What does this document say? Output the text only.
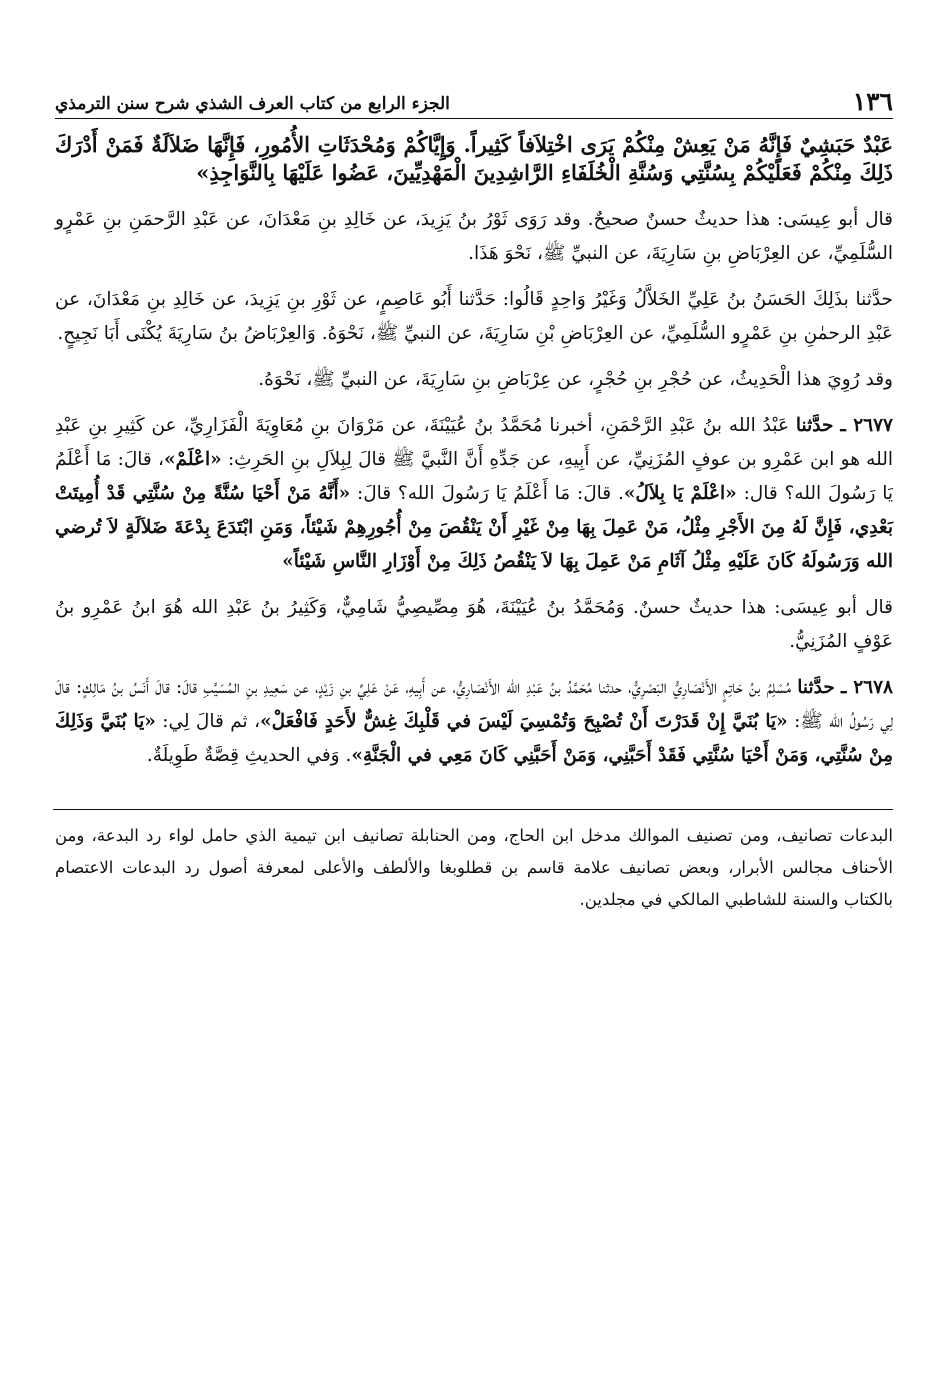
١٣٦
الجزء الرابع من كتاب العرف الشذي شرح سنن الترمذي
عَبْدٌ حَبَشِيٌ فَإِنَّهُ مَنْ يَعِشْ مِنْكُمْ يَرَى اخْتِلاَفاً كَثِيراً. وَإِيَّاكُمْ وَمُحْدَثَاتِ الأُمُورِ، فَإِنَّهَا ضَلاَلَةٌ فَمَنْ أَدْرَكَ ذَلِكَ مِنْكُمْ فَعَلَيْكُمْ بِسُنَّتِي وَسُنَّةِ الْخُلَفَاءِ الرَّاشِدِينَ الْمَهْدِيِّينَ، عَضُوا عَلَيْهَا بِالنَّوَاجِذِ»
قال أبو عِيسَى: هذا حديثٌ حسنٌ صحيحٌ. وقد رَوَى ثَوْرُ بنُ يَزِيدَ، عن خَالِدِ بنِ مَعْدَانَ، عن عَبْدِ الرَّحمَنِ بنِ عَمْرٍو السُّلَمِيِّ، عن العِرْبَاضِ بنِ سَارِيَةَ، عن النبيِّ ﷺ، نَحْوَ هَذَا.
حدَّثنا بذَلِكَ الحَسَنُ بنُ عَلِيِّ الخَلاَّلُ وَغَيْرُ وَاحِدٍ قَالُوا: حَدَّثنا أَبُو عَاصِمٍ، عن ثَوْرِ بنِ يَزِيدَ، عن خَالِدِ بنِ مَعْدَانَ، عن عَبْدِ الرحمٰنِ بنِ عَمْرٍو السُّلَمِيِّ، عن العِرْبَاضِ بْنِ سَارِيَةَ، عن النبيِّ ﷺ، نَحْوَهُ. وَالعِرْبَاضُ بنُ سَارِيَةَ يُكْنَى أَبَا نَجِيحٍ.
وقد رُوِيَ هذا الْحَدِيثُ، عن حُجْرِ بنِ حُجْرٍ، عن عِرْبَاضِ بنِ سَارِيَةَ، عن النبيِّ ﷺ، نَحْوَهُ.
٢٦٧٧ ـ حدَّثنا عَبْدُ الله بنُ عَبْدِ الرَّحْمَنِ، أخبرنا مُحَمَّدُ بنُ عُيَيْنَةَ، عن مَرْوَانَ بنِ مُعَاوِيَةَ الْفَزَارِيِّ، عن كَثِيرِ بنِ عَبْدِ الله هو ابن عَمْرِو بن عوفٍ المُزَنِيِّ، عن أَبِيهِ، عن جَدِّهِ أَنَّ النَّبيَّ ﷺ قالَ لِبِلاَلِ بنِ الحَرِثِ: «اعْلَمْ»، قالَ: مَا أَعْلَمُ يَا رَسُولَ الله؟ قال: «اعْلَمْ يَا بِلاَلُ». قالَ: مَا أَعْلَمُ يَا رَسُولَ الله؟ قالَ: «أَنَّهُ مَنْ أَحْيَا سُنَّةً مِنْ سُنَّتِي قَدْ أُمِيتَتْ بَعْدِي، فَإِنَّ لَهُ مِنَ الأَجْرِ مِثْلُ، مَنْ عَمِلَ بِهَا مِنْ غَيْرِ أَنْ يَنْقُصَ مِنْ أُجُورِهِمْ شَيْئاً، وَمَنِ ابْتَدَعَ بِدْعَةَ ضَلاَلَةٍ لاَ تُرضي الله وَرَسُولَهُ كَانَ عَلَيْهِ مِثْلُ آثَامِ مَنْ عَمِلَ بِهَا لاَ يَنْقُصُ ذَلِكَ مِنْ أَوْزَارِ النَّاسِ شَيْئاً»
قال أبو عِيسَى: هذا حديثٌ حسنٌ. وَمُحَمَّدُ بنُ عُيَيْنَةَ، هُوَ مِصِّيصِيُّ شَامِيٌّ، وَكَثِيرُ بنُ عَبْدِ الله هُوَ ابنُ عَمْرِو بنُ عَوْفٍ المُزَنِيُّ.
٢٦٧٨ ـ حدَّثنا مُسْلِمُ بنُ حَاتِمٍ الأَنْصَارِيُّ البَصْرِيُّ، حدثنا مُحَمَّدُ بنُ عَبْدِ الله الأَنْصَارِيُّ، عن أَبِيهِ، عَنْ عَلِيِّ بنِ زَيْدٍ، عن سَعِيدِ بنِ المُسَيَّبِ قالَ: قالَ أَنَسُ بنُ مَالِكٍ: قالَ لِي رَسُولُ الله ﷺ: «يَا بُنَيَّ إِنْ قَدَرْتَ أَنْ تُصْبِحَ وَتُمْسِيَ لَيْسَ في قَلْبِكَ غِشٌّ لأَحَدٍ فَافْعَلْ»، ثم قالَ لِي: «يَا بُنَيَّ وَذَلِكَ مِنْ سُنَّتِي، وَمَنْ أَحْيَا سُنَّتِي فَقَدْ أَحَبَّنِي، وَمَنْ أَحَبَّنِي كَانَ مَعِي في الْجَنَّةِ». وَفي الحديثِ قِصَّةٌ طَوِيلَةٌ.
البدعات تصانيف، ومن تصنيف الموالك مدخل ابن الحاج، ومن الحنابلة تصانيف ابن تيمية الذي حامل لواء رد البدعة، ومن الأحناف مجالس الأبرار، وبعض تصانيف علامة قاسم بن قطلوبغا والألطف والأعلى لمعرفة أصول رد البدعات الاعتصام بالكتاب والسنة للشاطبي المالكي في مجلدين.
